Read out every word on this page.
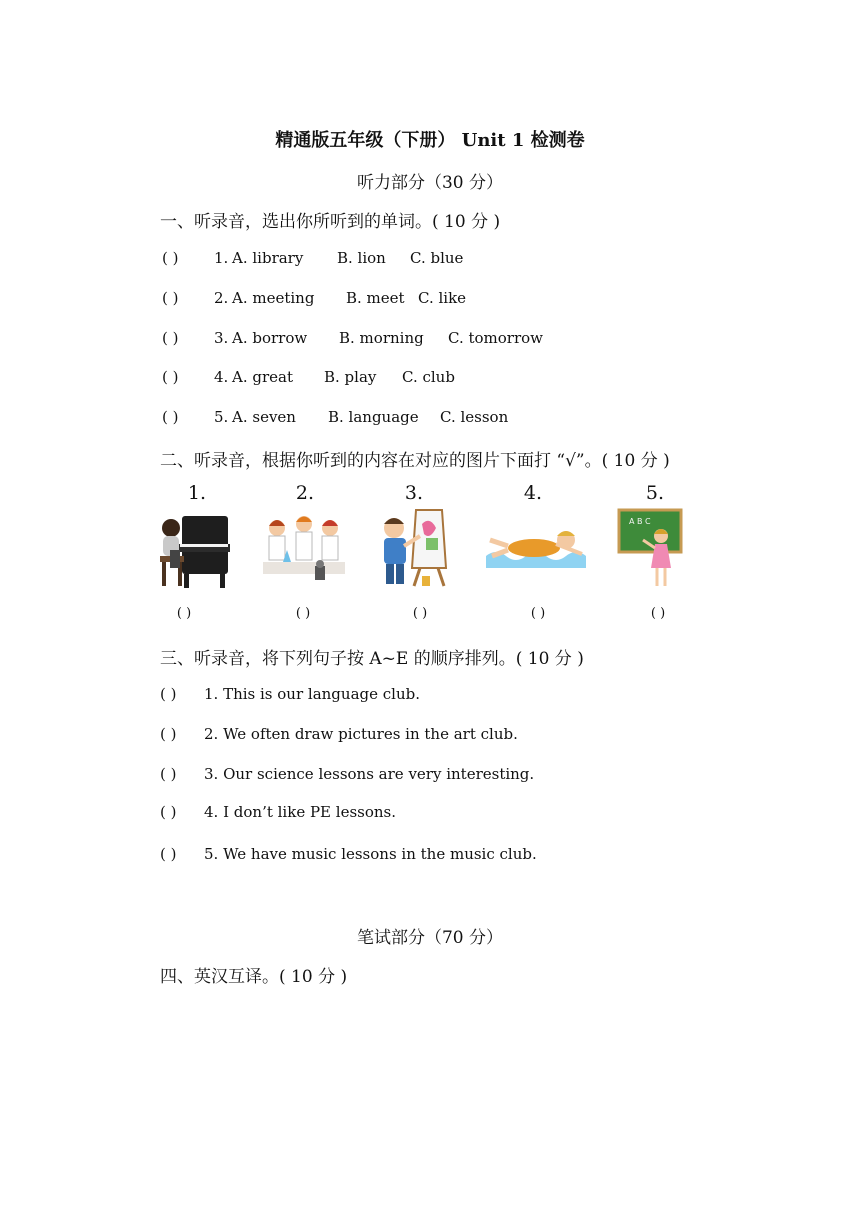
精通版五年级（下册） Unit 1 检测卷
听力部分（30 分）
一、听录音，选出你所听到的单词。( 10 分 )
( ) 1. A. library B. lion C. blue
( ) 2. A. meeting B. meet C. like
( ) 3. A. borrow B. morning C. tomorrow
( ) 4. A. great B. play C. club
( ) 5. A. seven B. language C. lesson
二、听录音，根据你听到的内容在对应的图片下面打 “√”。( 10 分 )
1.	2.	3.	4.	5.
A B C
( )	( )	( )	( )	( )
三、听录音，将下列句子按 A~E 的顺序排列。( 10 分 )
( ) 1. This is our language club.
( ) 2. We often draw pictures in the art club.
( ) 3. Our science lessons are very interesting.
( ) 4. I don’t like PE lessons.
( ) 5. We have music lessons in the music club.
笔试部分（70 分）
四、英汉互译。( 10 分 )
